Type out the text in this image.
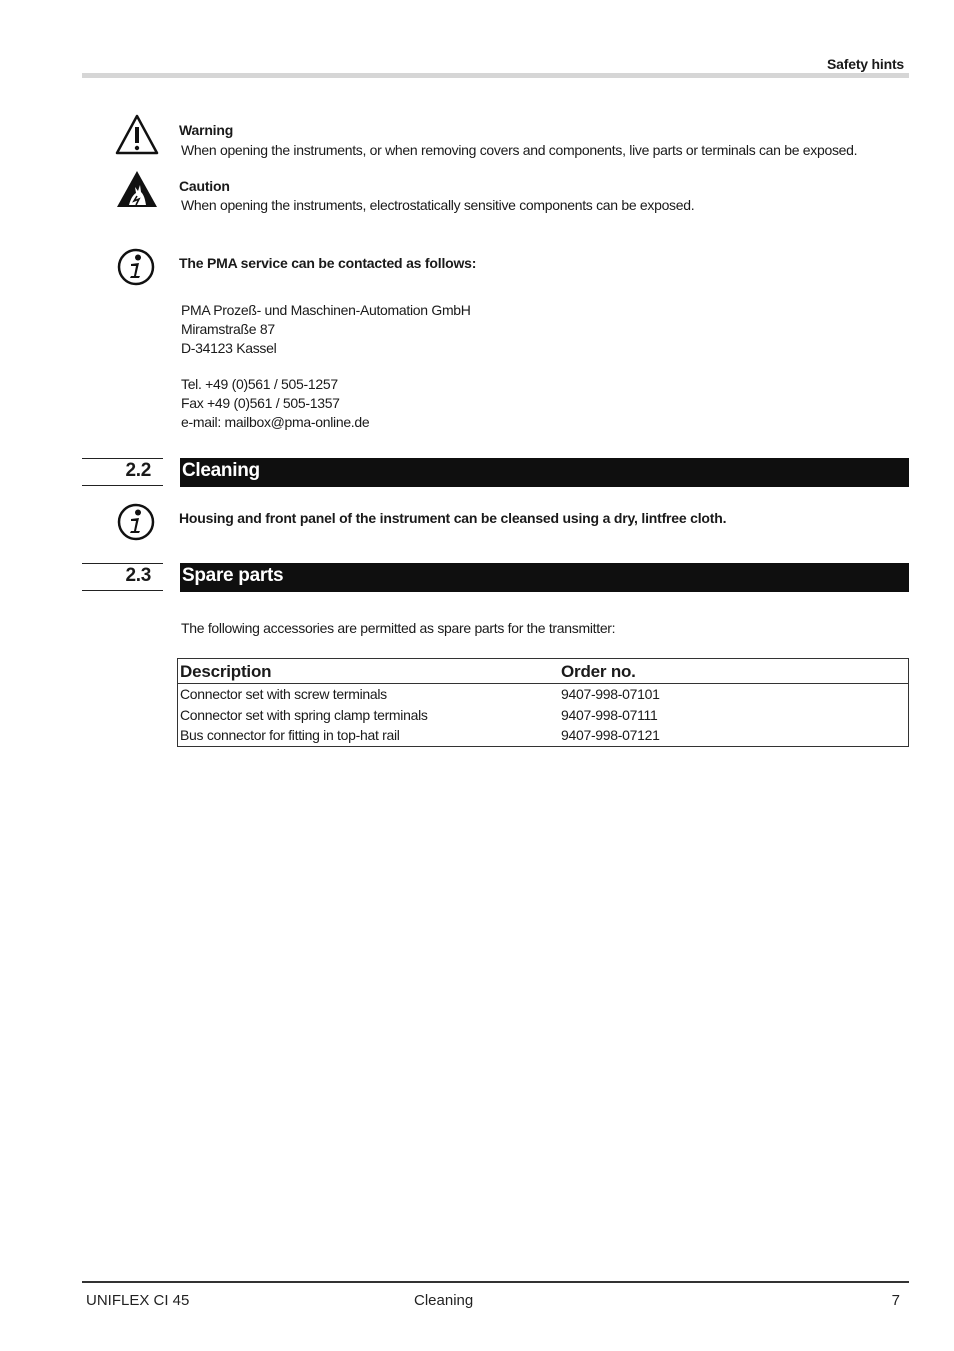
Safety hints
Warning
When opening the instruments, or when removing covers and components, live parts or terminals can be exposed.
Caution
When opening the instruments, electrostatically sensitive components can be exposed.
The PMA service can be contacted as follows:
PMA Prozeß- und Maschinen-Automation GmbH
Miramstraße 87
D-34123 Kassel
Tel. +49 (0)561 / 505-1257
Fax +49 (0)561 / 505-1357
e-mail: mailbox@pma-online.de
2.2 Cleaning
Housing and front panel of the instrument can be cleansed using a dry, lintfree cloth.
2.3 Spare parts
The following accessories are permitted as spare parts for the transmitter:
Description	Order no.
Connector set with screw terminals	9407-998-07101
Connector set with spring clamp terminals	9407-998-07111
Bus connector for fitting in top-hat rail	9407-998-07121
UNIFLEX CI 45	Cleaning	7
